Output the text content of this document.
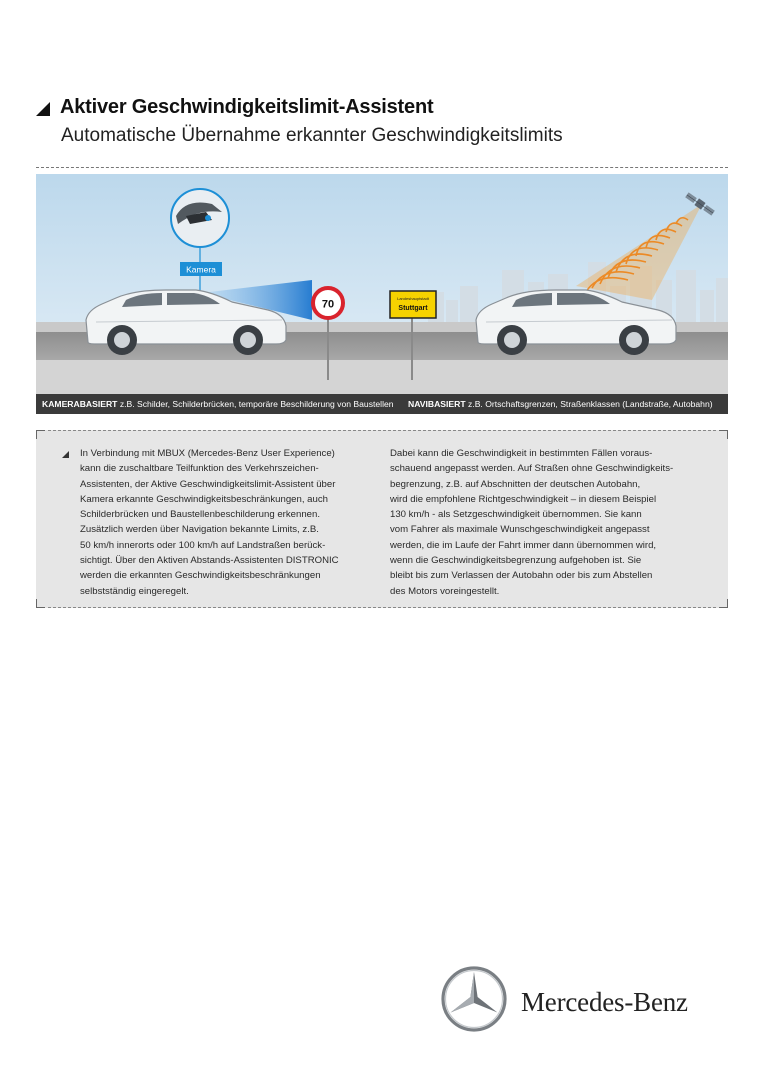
Aktiver Geschwindigkeitslimit-Assistent
Automatische Übernahme erkannter Geschwindigkeitslimits
Kamera
70	Landeshauptstadt
Stuttgart
KAMERABASIERT z.B. Schilder, Schilderbrücken, temporäre Beschilderung von Baustellen NAVIBASIERT z.B. Ortschaftsgrenzen, Straßenklassen (Landstraße, Autobahn)
In Verbindung mit MBUX (Mercedes-Benz User Experience)
kann die zuschaltbare Teilfunktion des Verkehrszeichen-
Assistenten, der Aktive Geschwindigkeitslimit-Assistent über
Kamera erkannte Geschwindigkeitsbeschränkungen, auch
Schilderbrücken und Baustellenbeschilderung erkennen.
Zusätzlich werden über Navigation bekannte Limits, z.B.
50 km/h innerorts oder 100 km/h auf Landstraßen berück-
sichtigt. Über den Aktiven Abstands-Assistenten DISTRONIC
werden die erkannten Geschwindigkeitsbeschränkungen
selbstständig eingeregelt.
Dabei kann die Geschwindigkeit in bestimmten Fällen voraus-
schauend angepasst werden. Auf Straßen ohne Geschwindigkeits-
begrenzung, z.B. auf Abschnitten der deutschen Autobahn,
wird die empfohlene Richtgeschwindigkeit – in diesem Beispiel
130 km/h - als Setzgeschwindigkeit übernommen. Sie kann
vom Fahrer als maximale Wunschgeschwindigkeit angepasst
werden, die im Laufe der Fahrt immer dann übernommen wird,
wenn die Geschwindigkeitsbegrenzung aufgehoben ist. Sie
bleibt bis zum Verlassen der Autobahn oder bis zum Abstellen
des Motors voreingestellt.
Mercedes-Benz
